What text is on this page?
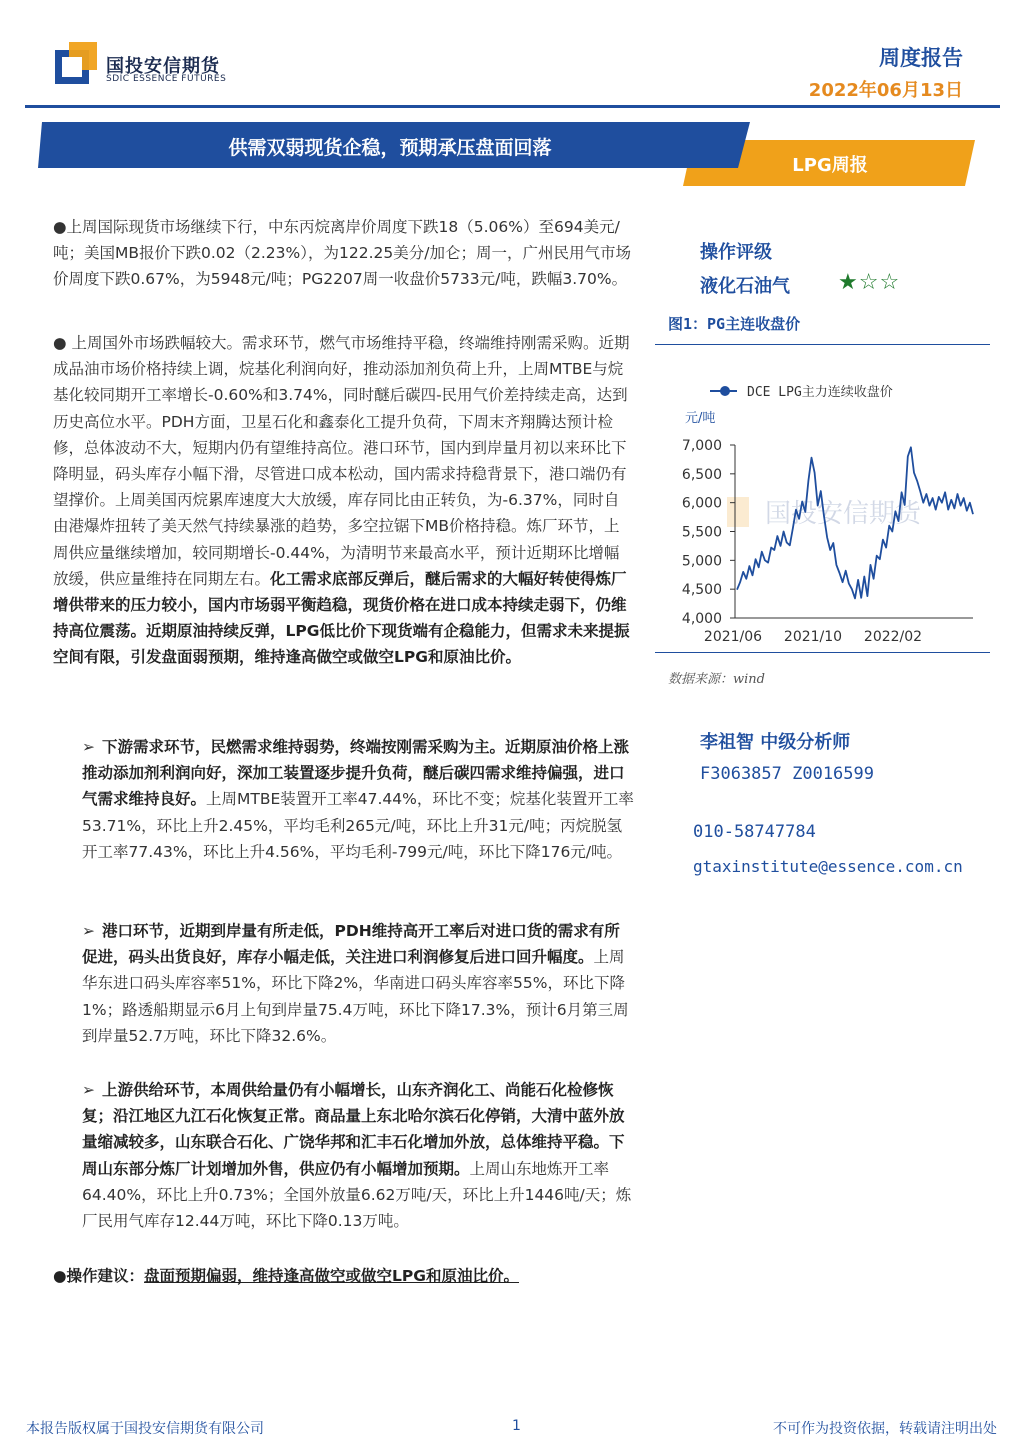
国投安信期货
SDIC ESSENCE FUTURES
周度报告
2022年06月13日
供需双弱现货企稳，预期承压盘面回落
LPG周报
●上周国际现货市场继续下行，中东丙烷离岸价周度下跌18（5.06%）至694美元/吨；美国MB报价下跌0.02（2.23%），为122.25美分/加仑；周一，广州民用气市场价周度下跌0.67%，为5948元/吨；PG2207周一收盘价5733元/吨，跌幅3.70%。
● 上周国外市场跌幅较大。需求环节，燃气市场维持平稳，终端维持刚需采购。近期成品油市场价格持续上调，烷基化利润向好，推动添加剂负荷上升，上周MTBE与烷基化较同期开工率增长-0.60%和3.74%，同时醚后碳四-民用气价差持续走高，达到历史高位水平。PDH方面，卫星石化和鑫泰化工提升负荷，下周末齐翔腾达预计检修，总体波动不大，短期内仍有望维持高位。港口环节，国内到岸量月初以来环比下降明显，码头库存小幅下滑，尽管进口成本松动，国内需求持稳背景下，港口端仍有望撑价。上周美国丙烷累库速度大大放缓，库存同比由正转负，为-6.37%，同时自由港爆炸扭转了美天然气持续暴涨的趋势，多空拉锯下MB价格持稳。炼厂环节，上周供应量继续增加，较同期增长-0.44%，为清明节来最高水平，预计近期环比增幅放缓，供应量维持在同期左右。化工需求底部反弹后，醚后需求的大幅好转使得炼厂增供带来的压力较小，国内市场弱平衡趋稳，现货价格在进口成本持续走弱下，仍维持高位震荡。近期原油持续反弹，LPG低比价下现货端有企稳能力，但需求未来提振空间有限，引发盘面弱预期，维持逢高做空或做空LPG和原油比价。
➢ 下游需求环节，民燃需求维持弱势，终端按刚需采购为主。近期原油价格上涨推动添加剂利润向好，深加工装置逐步提升负荷，醚后碳四需求维持偏强，进口气需求维持良好。上周MTBE装置开工率47.44%，环比不变；烷基化装置开工率53.71%，环比上升2.45%，平均毛利265元/吨，环比上升31元/吨；丙烷脱氢开工率77.43%，环比上升4.56%，平均毛利-799元/吨，环比下降176元/吨。
➢ 港口环节，近期到岸量有所走低，PDH维持高开工率后对进口货的需求有所促进，码头出货良好，库存小幅走低，关注进口利润修复后进口回升幅度。上周华东进口码头库容率51%，环比下降2%，华南进口码头库容率55%，环比下降1%；路透船期显示6月上旬到岸量75.4万吨，环比下降17.3%，预计6月第三周到岸量52.7万吨，环比下降32.6%。
➢ 上游供给环节，本周供给量仍有小幅增长，山东齐润化工、尚能石化检修恢复；沿江地区九江石化恢复正常。商品量上东北哈尔滨石化停销，大清中蓝外放量缩减较多，山东联合石化、广饶华邦和汇丰石化增加外放，总体维持平稳。下周山东部分炼厂计划增加外售，供应仍有小幅增加预期。上周山东地炼开工率64.40%，环比上升0.73%；全国外放量6.62万吨/天，环比上升1446吨/天；炼厂民用气库存12.44万吨，环比下降0.13万吨。
●操作建议：盘面预期偏弱，维持逢高做空或做空LPG和原油比价。
操作评级
液化石油气 ★☆☆
图1：PG主连收盘价
DCE LPG主力连续收盘价
元/吨
国投安信期货
7,000
6,500
6,000
5,500
5,000
4,500
4,000
2021/06 2021/10 2022/02
数据来源：wind
李祖智 中级分析师
F3063857 Z0016599
010-58747784
gtaxinstitute@essence.com.cn
本报告版权属于国投安信期货有限公司	1	不可作为投资依据，转载请注明出处
